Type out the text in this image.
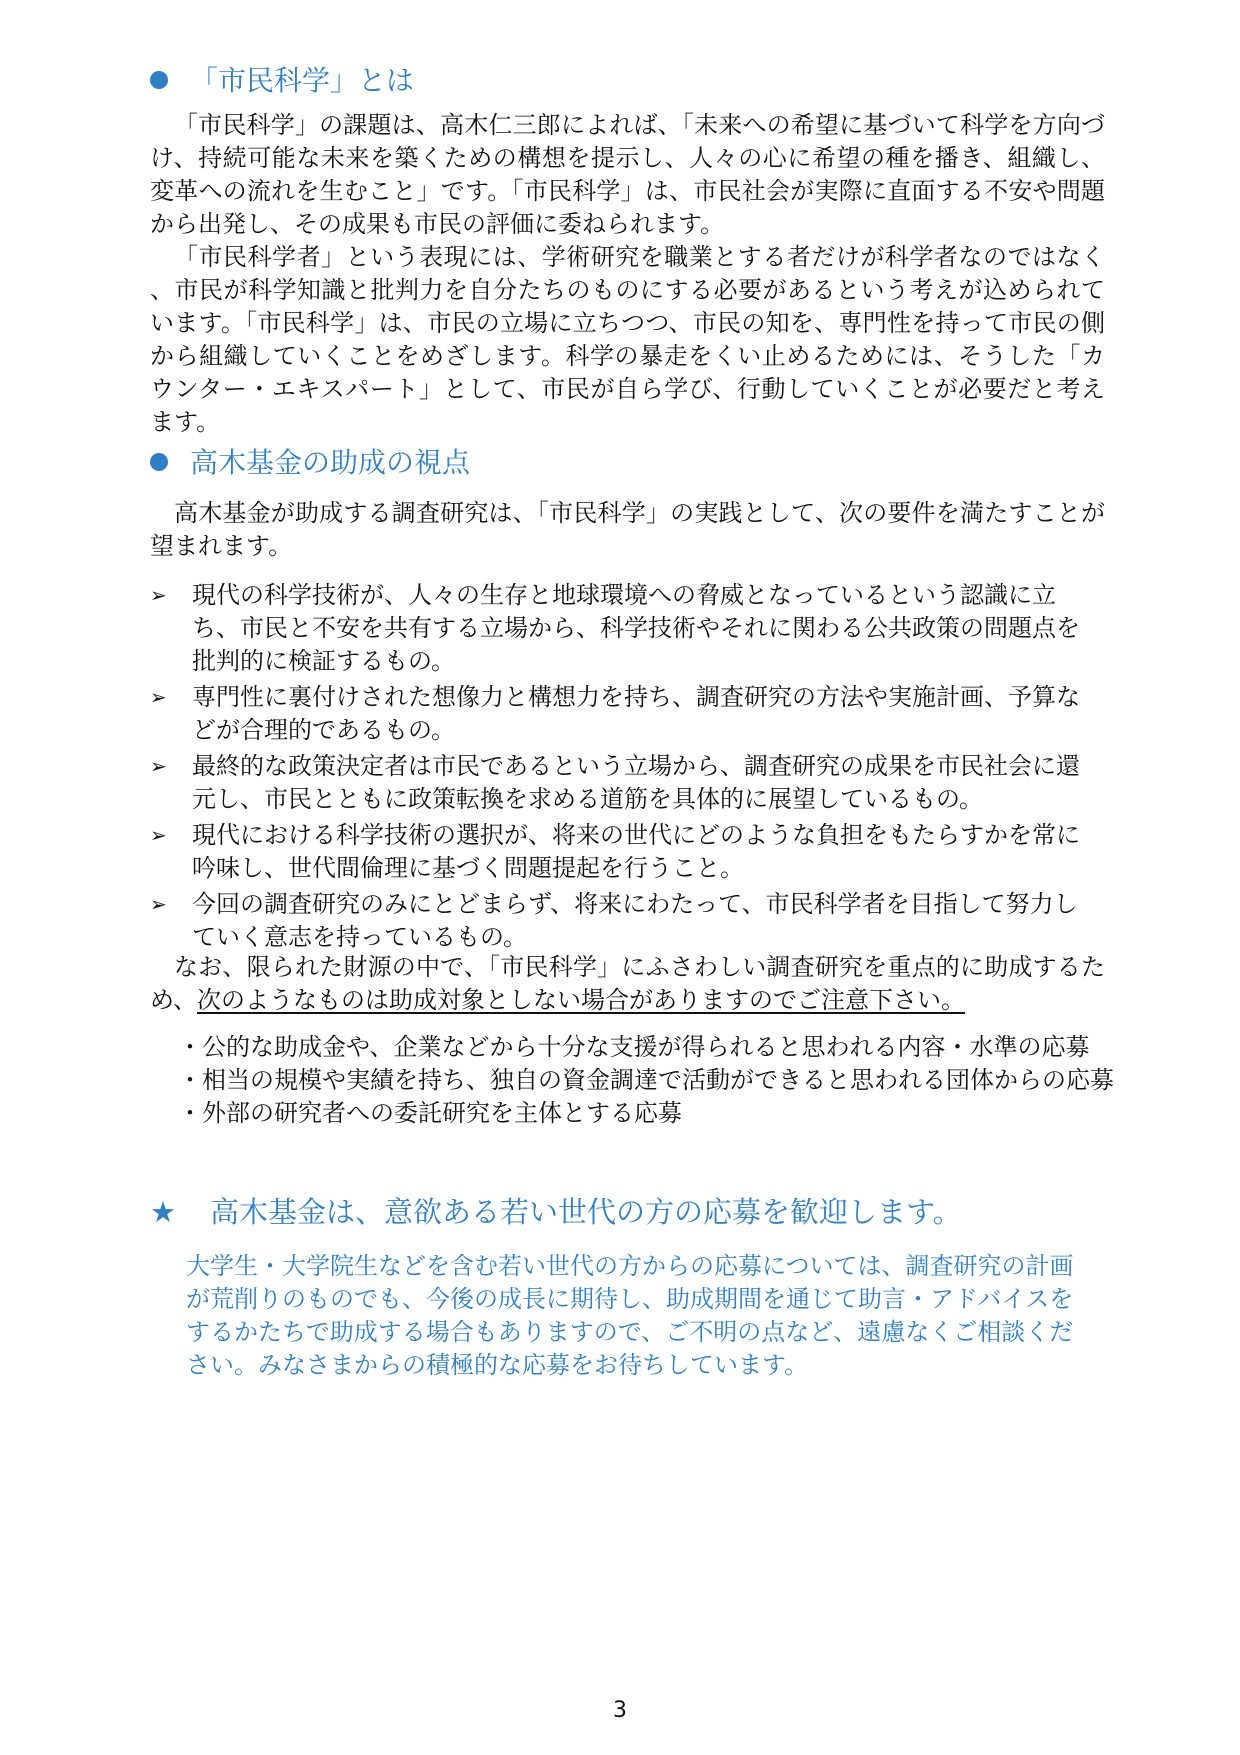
「市民科学」とは
「市民科学」の課題は、高木仁三郎によれば、「未来への希望に基づいて科学を方向づけ、持続可能な未来を築くための構想を提示し、人々の心に希望の種を播き、組織し、変革への流れを生むこと」です。「市民科学」は、市民社会が実際に直面する不安や問題から出発し、その成果も市民の評価に委ねられます。
「市民科学者」という表現には、学術研究を職業とする者だけが科学者なのではなく、市民が科学知識と批判力を自分たちのものにする必要があるという考えが込められています。「市民科学」は、市民の立場に立ちつつ、市民の知を、専門性を持って市民の側から組織していくことをめざします。科学の暴走をくい止めるためには、そうした「カウンター・エキスパート」として、市民が自ら学び、行動していくことが必要だと考えます。
高木基金の助成の視点
高木基金が助成する調査研究は、「市民科学」の実践として、次の要件を満たすことが望まれます。
➢ 現代の科学技術が、人々の生存と地球環境への脅威となっているという認識に立ち、市民と不安を共有する立場から、科学技術やそれに関わる公共政策の問題点を批判的に検証するもの。
➢ 専門性に裏付けされた想像力と構想力を持ち、調査研究の方法や実施計画、予算などが合理的であるもの。
➢ 最終的な政策決定者は市民であるという立場から、調査研究の成果を市民社会に還元し、市民とともに政策転換を求める道筋を具体的に展望しているもの。
➢ 現代における科学技術の選択が、将来の世代にどのような負担をもたらすかを常に吟味し、世代間倫理に基づく問題提起を行うこと。
➢ 今回の調査研究のみにとどまらず、将来にわたって、市民科学者を目指して努力していく意志を持っているもの。
なお、限られた財源の中で、「市民科学」にふさわしい調査研究を重点的に助成するため、次のようなものは助成対象としない場合がありますのでご注意下さい。
・公的な助成金や、企業などから十分な支援が得られると思われる内容・水準の応募
・相当の規模や実績を持ち、独自の資金調達で活動ができると思われる団体からの応募
・外部の研究者への委託研究を主体とする応募
★ 高木基金は、意欲ある若い世代の方の応募を歓迎します。
大学生・大学院生などを含む若い世代の方からの応募については、調査研究の計画が荒削りのものでも、今後の成長に期待し、助成期間を通じて助言・アドバイスをするかたちで助成する場合もありますので、ご不明の点など、遠慮なくご相談ください。みなさまからの積極的な応募をお待ちしています。
3
